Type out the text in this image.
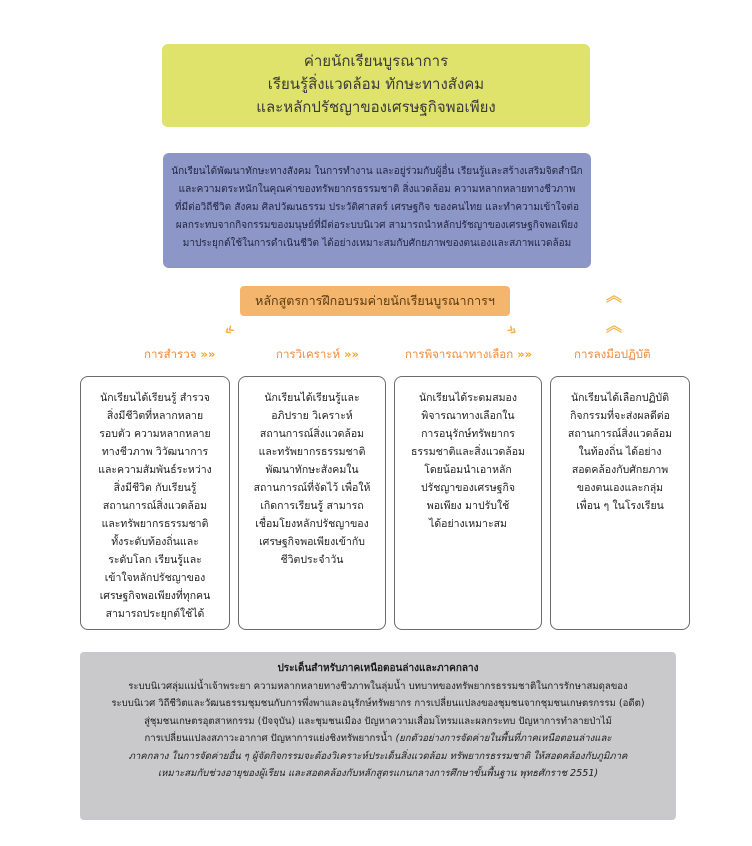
ค่ายนักเรียนบูรณาการ
เรียนรู้สิ่งแวดล้อม ทักษะทางสังคม
และหลักปรัชญาของเศรษฐกิจพอเพียง
นักเรียนได้พัฒนาทักษะทางสังคม ในการทำงาน และอยู่ร่วมกับผู้อื่น เรียนรู้และสร้างเสริมจิตสำนึก
และความตระหนักในคุณค่าของทรัพยากรธรรมชาติ สิ่งแวดล้อม ความหลากหลายทางชีวภาพ
ที่มีต่อวิถีชีวิต สังคม ศิลปวัฒนธรรม ประวัติศาสตร์ เศรษฐกิจ ของคนไทย และทำความเข้าใจต่อ
ผลกระทบจากกิจกรรมของมนุษย์ที่มีต่อระบบนิเวศ สามารถนำหลักปรัชญาของเศรษฐกิจพอเพียง
มาประยุกต์ใช้ในการดำเนินชีวิต ได้อย่างเหมาะสมกับศักยภาพของตนเองและสภาพแวดล้อม
หลักสูตรการฝึกอบรมค่ายนักเรียนบูรณาการฯ
«	»
︽
︽
การสำรวจ »»	การวิเคราะห์ »»	การพิจารณาทางเลือก »»	การลงมือปฏิบัติ
นักเรียนได้เรียนรู้ สำรวจ
สิ่งมีชีวิตที่หลากหลาย
รอบตัว ความหลากหลาย
ทางชีวภาพ วิวัฒนาการ
และความสัมพันธ์ระหว่าง
สิ่งมีชีวิต กับเรียนรู้
สถานการณ์สิ่งแวดล้อม
และทรัพยากรธรรมชาติ
ทั้งระดับท้องถิ่นและ
ระดับโลก เรียนรู้และ
เข้าใจหลักปรัชญาของ
เศรษฐกิจพอเพียงที่ทุกคน
สามารถประยุกต์ใช้ได้
นักเรียนได้เรียนรู้และ
อภิปราย วิเคราะห์
สถานการณ์สิ่งแวดล้อม
และทรัพยากรธรรมชาติ
พัฒนาทักษะสังคมใน
สถานการณ์ที่จัดไว้ เพื่อให้
เกิดการเรียนรู้ สามารถ
เชื่อมโยงหลักปรัชญาของ
เศรษฐกิจพอเพียงเข้ากับ
ชีวิตประจำวัน
นักเรียนได้ระดมสมอง
พิจารณาทางเลือกใน
การอนุรักษ์ทรัพยากร
ธรรมชาติและสิ่งแวดล้อม
โดยน้อมนำเอาหลัก
ปรัชญาของเศรษฐกิจ
พอเพียง มาปรับใช้
ได้อย่างเหมาะสม
นักเรียนได้เลือกปฏิบัติ
กิจกรรมที่จะส่งผลดีต่อ
สถานการณ์สิ่งแวดล้อม
ในท้องถิ่น ได้อย่าง
สอดคล้องกับศักยภาพ
ของตนเองและกลุ่ม
เพื่อน ๆ ในโรงเรียน
ประเด็นสำหรับภาคเหนือตอนล่างและภาคกลาง
ระบบนิเวศลุ่มแม่น้ำเจ้าพระยา ความหลากหลายทางชีวภาพในลุ่มน้ำ บทบาทของทรัพยากรธรรมชาติในการรักษาสมดุลของ
ระบบนิเวศ วิถีชีวิตและวัฒนธรรมชุมชนกับการพึ่งพาและอนุรักษ์ทรัพยากร การเปลี่ยนแปลงของชุมชนจากชุมชนเกษตรกรรม (อดีต)
สู่ชุมชนเกษตรอุตสาหกรรม (ปัจจุบัน) และชุมชนเมือง ปัญหาความเสื่อมโทรมและผลกระทบ ปัญหาการทำลายป่าไม้
การเปลี่ยนแปลงสภาวะอากาศ ปัญหาการแย่งชิงทรัพยากรน้ำ (ยกตัวอย่างการจัดค่ายในพื้นที่ภาคเหนือตอนล่างและ
ภาคกลาง ในการจัดค่ายอื่น ๆ ผู้จัดกิจกรรมจะต้องวิเคราะห์ประเด็นสิ่งแวดล้อม ทรัพยากรธรรมชาติ ให้สอดคล้องกับภูมิภาค
เหมาะสมกับช่วงอายุของผู้เรียน และสอดคล้องกับหลักสูตรแกนกลางการศึกษาขั้นพื้นฐาน พุทธศักราช 2551)
